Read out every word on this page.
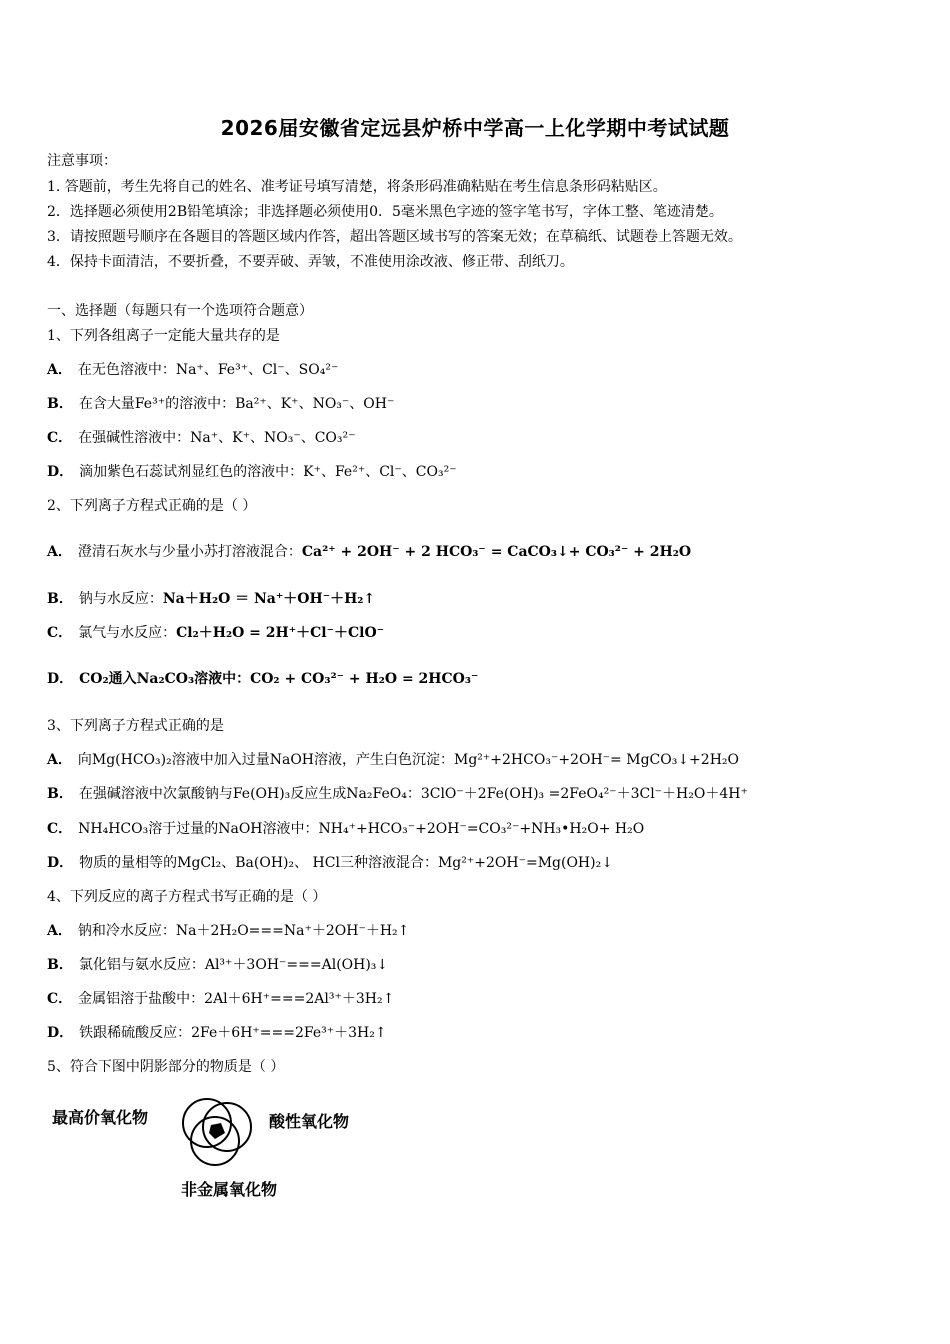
2026届安徽省定远县炉桥中学高一上化学期中考试试题
注意事项：
1. 答题前，考生先将自己的姓名、准考证号填写清楚，将条形码准确粘贴在考生信息条形码粘贴区。
2．选择题必须使用2B铅笔填涂；非选择题必须使用0．5毫米黑色字迹的签字笔书写，字体工整、笔迹清楚。
3．请按照题号顺序在各题目的答题区域内作答，超出答题区域书写的答案无效；在草稿纸、试题卷上答题无效。
4．保持卡面清洁，不要折叠，不要弄破、弄皱，不准使用涂改液、修正带、刮纸刀。
一、选择题（每题只有一个选项符合题意）
1、下列各组离子一定能大量共存的是
A． 在无色溶液中：Na⁺、Fe³⁺、Cl⁻、SO₄²⁻
B． 在含大量Fe³⁺的溶液中：Ba²⁺、K⁺、NO₃⁻、OH⁻
C． 在强碱性溶液中：Na⁺、K⁺、NO₃⁻、CO₃²⁻
D． 滴加紫色石蕊试剂显红色的溶液中：K⁺、Fe²⁺、Cl⁻、CO₃²⁻
2、下列离子方程式正确的是（ ）
A． 澄清石灰水与少量小苏打溶液混合：Ca²⁺ + 2OH⁻ + 2 HCO₃⁻ = CaCO₃↓+ CO₃²⁻ + 2H₂O
B． 钠与水反应：Na＋H₂O ＝ Na⁺＋OH⁻＋H₂↑
C． 氯气与水反应：Cl₂＋H₂O = 2H⁺＋Cl⁻＋ClO⁻
D． CO₂通入Na₂CO₃溶液中：CO₂ + CO₃²⁻ + H₂O = 2HCO₃⁻
3、下列离子方程式正确的是
A． 向Mg(HCO₃)₂溶液中加入过量NaOH溶液，产生白色沉淀：Mg²⁺+2HCO₃⁻+2OH⁻= MgCO₃↓+2H₂O
B． 在强碱溶液中次氯酸钠与Fe(OH)₃反应生成Na₂FeO₄：3ClO⁻＋2Fe(OH)₃ =2FeO₄²⁻＋3Cl⁻＋H₂O＋4H⁺
C． NH₄HCO₃溶于过量的NaOH溶液中：NH₄⁺+HCO₃⁻+2OH⁻=CO₃²⁻+NH₃•H₂O+ H₂O
D． 物质的量相等的MgCl₂、Ba(OH)₂、 HCl三种溶液混合：Mg²⁺+2OH⁻=Mg(OH)₂↓
4、下列反应的离子方程式书写正确的是（ ）
A． 钠和冷水反应：Na＋2H₂O===Na⁺＋2OH⁻＋H₂↑
B． 氯化铝与氨水反应：Al³⁺＋3OH⁻===Al(OH)₃↓
C． 金属铝溶于盐酸中：2Al＋6H⁺===2Al³⁺＋3H₂↑
D． 铁跟稀硫酸反应：2Fe＋6H⁺===2Fe³⁺＋3H₂↑
5、符合下图中阴影部分的物质是（ ）
最高价氧化物	酸性氧化物
非金属氧化物
